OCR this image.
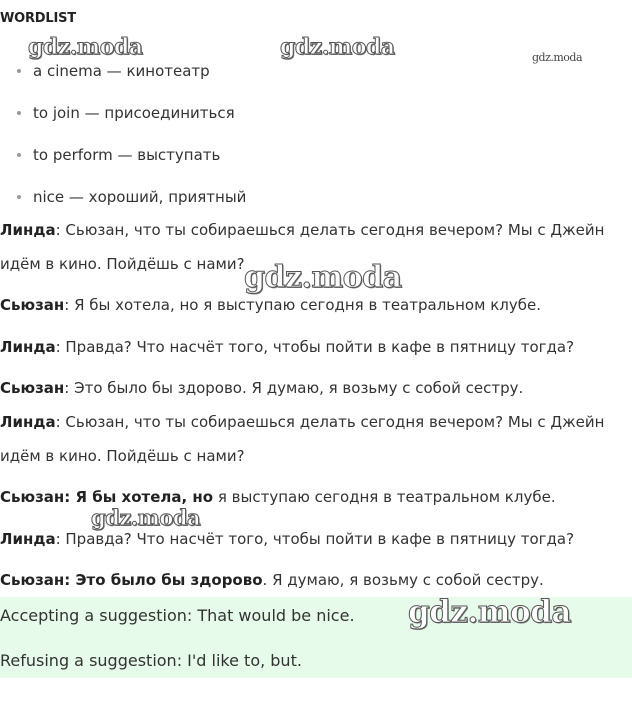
WORDLIST
a cinema — кинотеатр
to join — присоединиться
to perform — выступать
nice — хороший, приятный
Линда: Сьюзан, что ты собираешься делать сегодня вечером? Мы с Джейн
идём в кино. Пойдёшь с нами?
Сьюзан: Я бы хотела, но я выступаю сегодня в театральном клубе.
Линда: Правда? Что насчёт того, чтобы пойти в кафе в пятницу тогда?
Сьюзан: Это было бы здорово. Я думаю, я возьму с собой сестру.
Линда: Сьюзан, что ты собираешься делать сегодня вечером? Мы с Джейн
идём в кино. Пойдёшь с нами?
Сьюзан: Я бы хотела, но я выступаю сегодня в театральном клубе.
Линда: Правда? Что насчёт того, чтобы пойти в кафе в пятницу тогда?
Сьюзан: Это было бы здорово. Я думаю, я возьму с собой сестру.
Accepting a suggestion: That would be nice.
Refusing a suggestion: I'd like to, but.
gdz.moda	gdz.moda	gdz.moda
gdz.moda
gdz.moda
gdz.moda
